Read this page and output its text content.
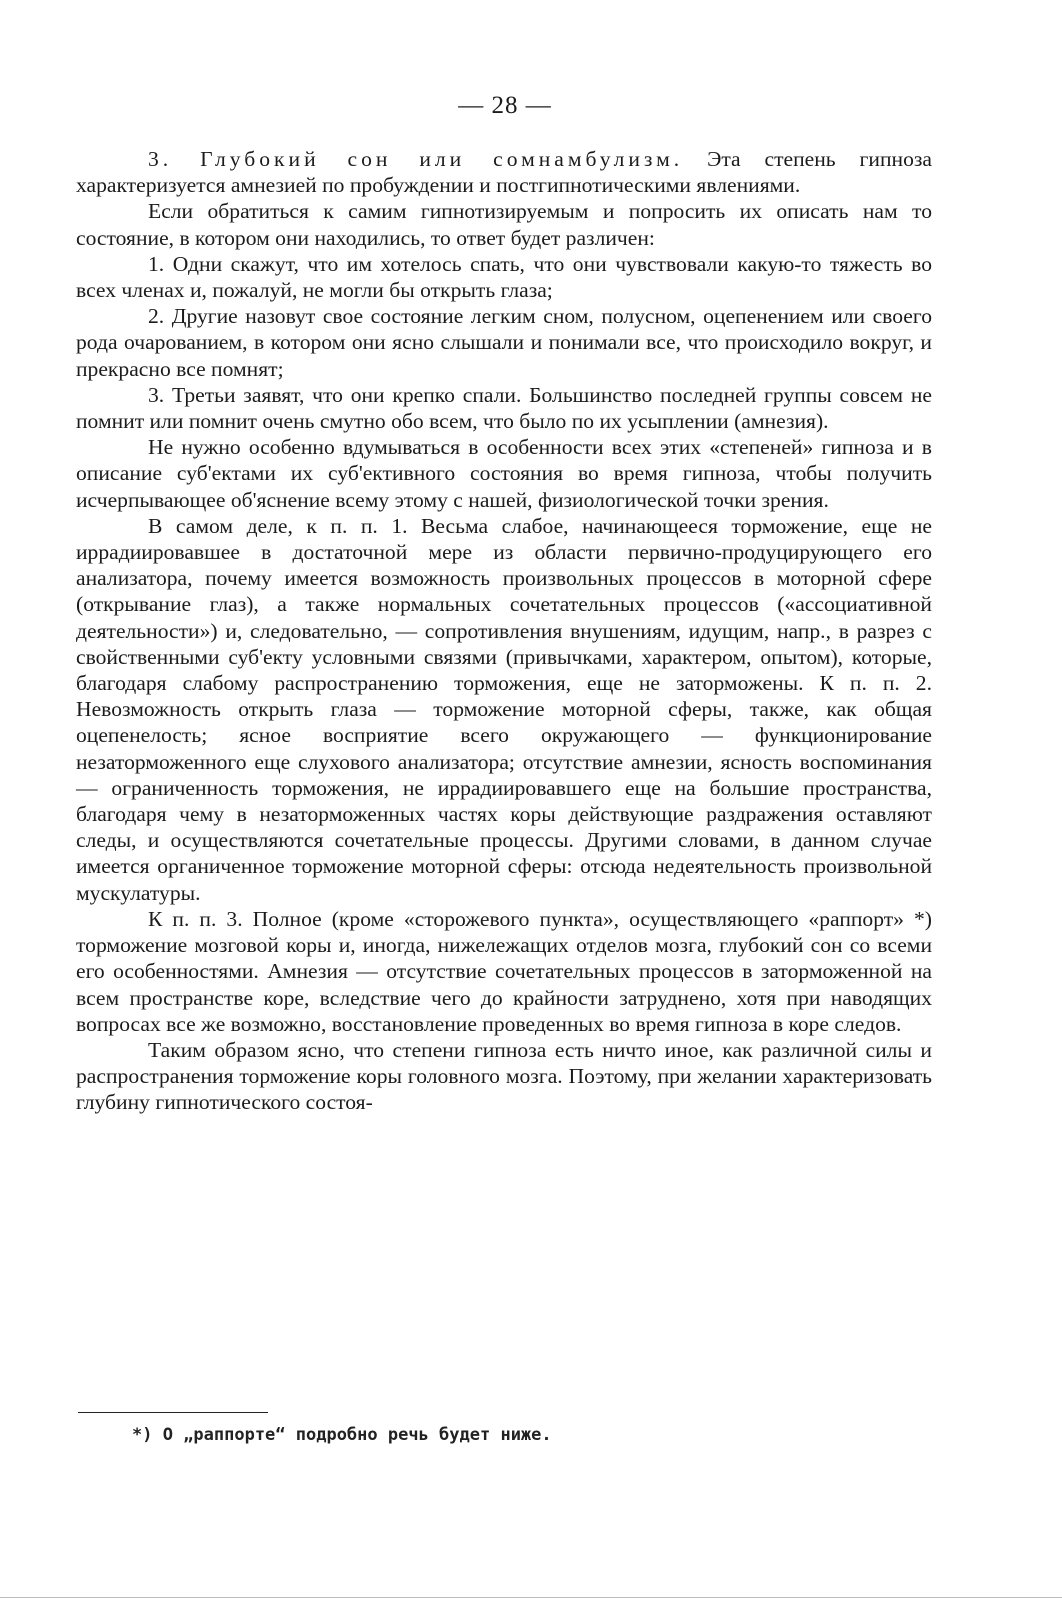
— 28 —

3. Глубокий сон или сомнамбулизм. Эта степень гипноза характеризуется амнезией по пробуждении и постгипнотическими явлениями.

Если обратиться к самим гипнотизируемым и попросить их описать нам то состояние, в котором они находились, то ответ будет различен:

1. Одни скажут, что им хотелось спать, что они чувствовали какую-то тяжесть во всех членах и, пожалуй, не могли бы открыть глаза;

2. Другие назовут свое состояние легким сном, полусном, оцепенением или своего рода очарованием, в котором они ясно слышали и понимали все, что происходило вокруг, и прекрасно все помнят;

3. Третьи заявят, что они крепко спали. Большинство последней группы совсем не помнит или помнит очень смутно обо всем, что было по их усыплении (амнезия).

Не нужно особенно вдумываться в особенности всех этих «степеней» гипноза и в описание суб'ектами их суб'ективного состояния во время гипноза, чтобы получить исчерпывающее об'яснение всему этому с нашей, физиологической точки зрения.

В самом деле, к п. п. 1. Весьма слабое, начинающееся торможение, еще не иррадиировавшее в достаточной мере из области первично-продуцирующего его анализатора, почему имеется возможность произвольных процессов в моторной сфере (открывание глаз), а также нормальных сочетательных процессов («ассоциативной деятельности») и, следовательно, — сопротивления внушениям, идущим, напр., в разрез с свойственными суб'екту условными связями (привычками, характером, опытом), которые, благодаря слабому распространению торможения, еще не заторможены. К п. п. 2. Невозможность открыть глаза — торможение моторной сферы, также, как общая оцепенелость; ясное восприятие всего окружающего — функционирование незаторможенного еще слухового анализатора; отсутствие амнезии, ясность воспоминания — ограниченность торможения, не иррадиировавшего еще на большие пространства, благодаря чему в незаторможенных частях коры действующие раздражения оставляют следы, и осуществляются сочетательные процессы. Другими словами, в данном случае имеется органиченное торможение моторной сферы: отсюда недеятельность произвольной мускулатуры.

К п. п. 3. Полное (кроме «сторожевого пункта», осуществляющего «раппорт» *) торможение мозговой коры и, иногда, нижележащих отделов мозга, глубокий сон со всеми его особенностями. Амнезия — отсутствие сочетательных процессов в заторможенной на всем пространстве коре, вследствие чего до крайности затруднено, хотя при наводящих вопросах все же возможно, восстановление проведенных во время гипноза в коре следов.

Таким образом ясно, что степени гипноза есть ничто иное, как различной силы и распространения торможение коры головного мозга. Поэтому, при желании характеризовать глубину гипнотического состоя-

*) О „раппорте“ подробно речь будет ниже.
